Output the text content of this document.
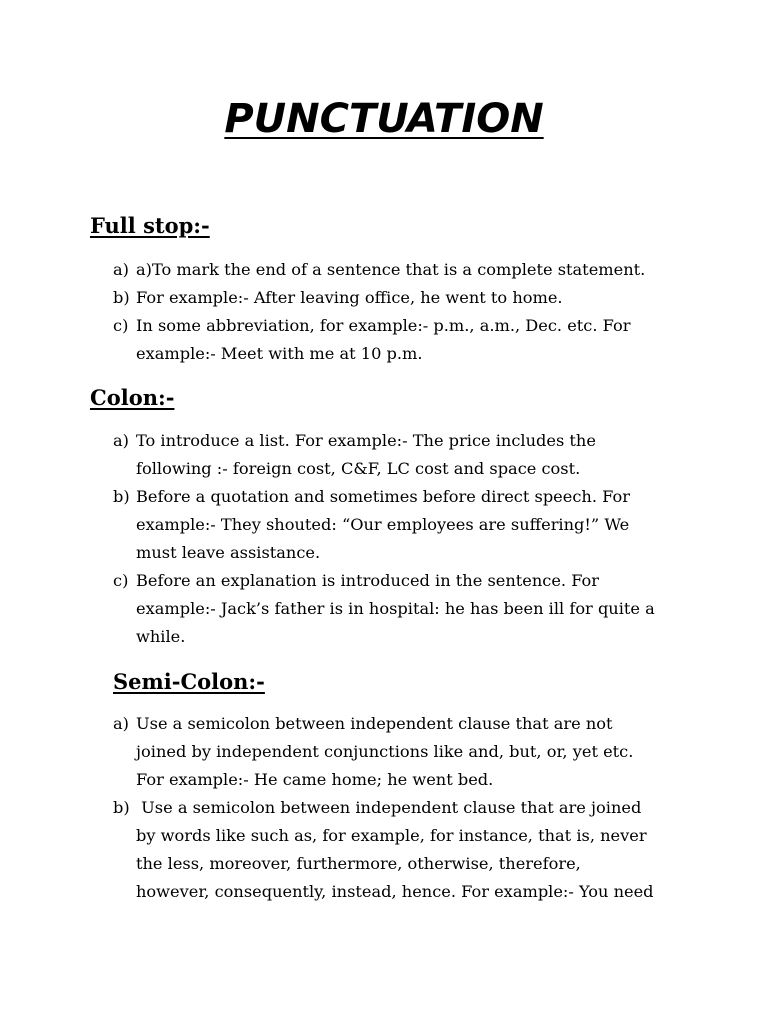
PUNCTUATION
Full stop:-
a) a)To mark the end of a sentence that is a complete statement.
b) For example:- After leaving office, he went to home.
c) In some abbreviation, for example:- p.m., a.m., Dec. etc. For
example:- Meet with me at 10 p.m.
Colon:-
a) To introduce a list. For example:- The price includes the
following :- foreign cost, C&F, LC cost and space cost.
b) Before a quotation and sometimes before direct speech. For
example:- They shouted: “Our employees are suffering!” We
must leave assistance.
c) Before an explanation is introduced in the sentence. For
example:- Jack’s father is in hospital: he has been ill for quite a
while.
Semi-Colon:-
a) Use a semicolon between independent clause that are not
joined by independent conjunctions like and, but, or, yet etc.
For example:- He came home; he went bed.
b) Use a semicolon between independent clause that are joined
by words like such as, for example, for instance, that is, never
the less, moreover, furthermore, otherwise, therefore,
however, consequently, instead, hence. For example:- You need
